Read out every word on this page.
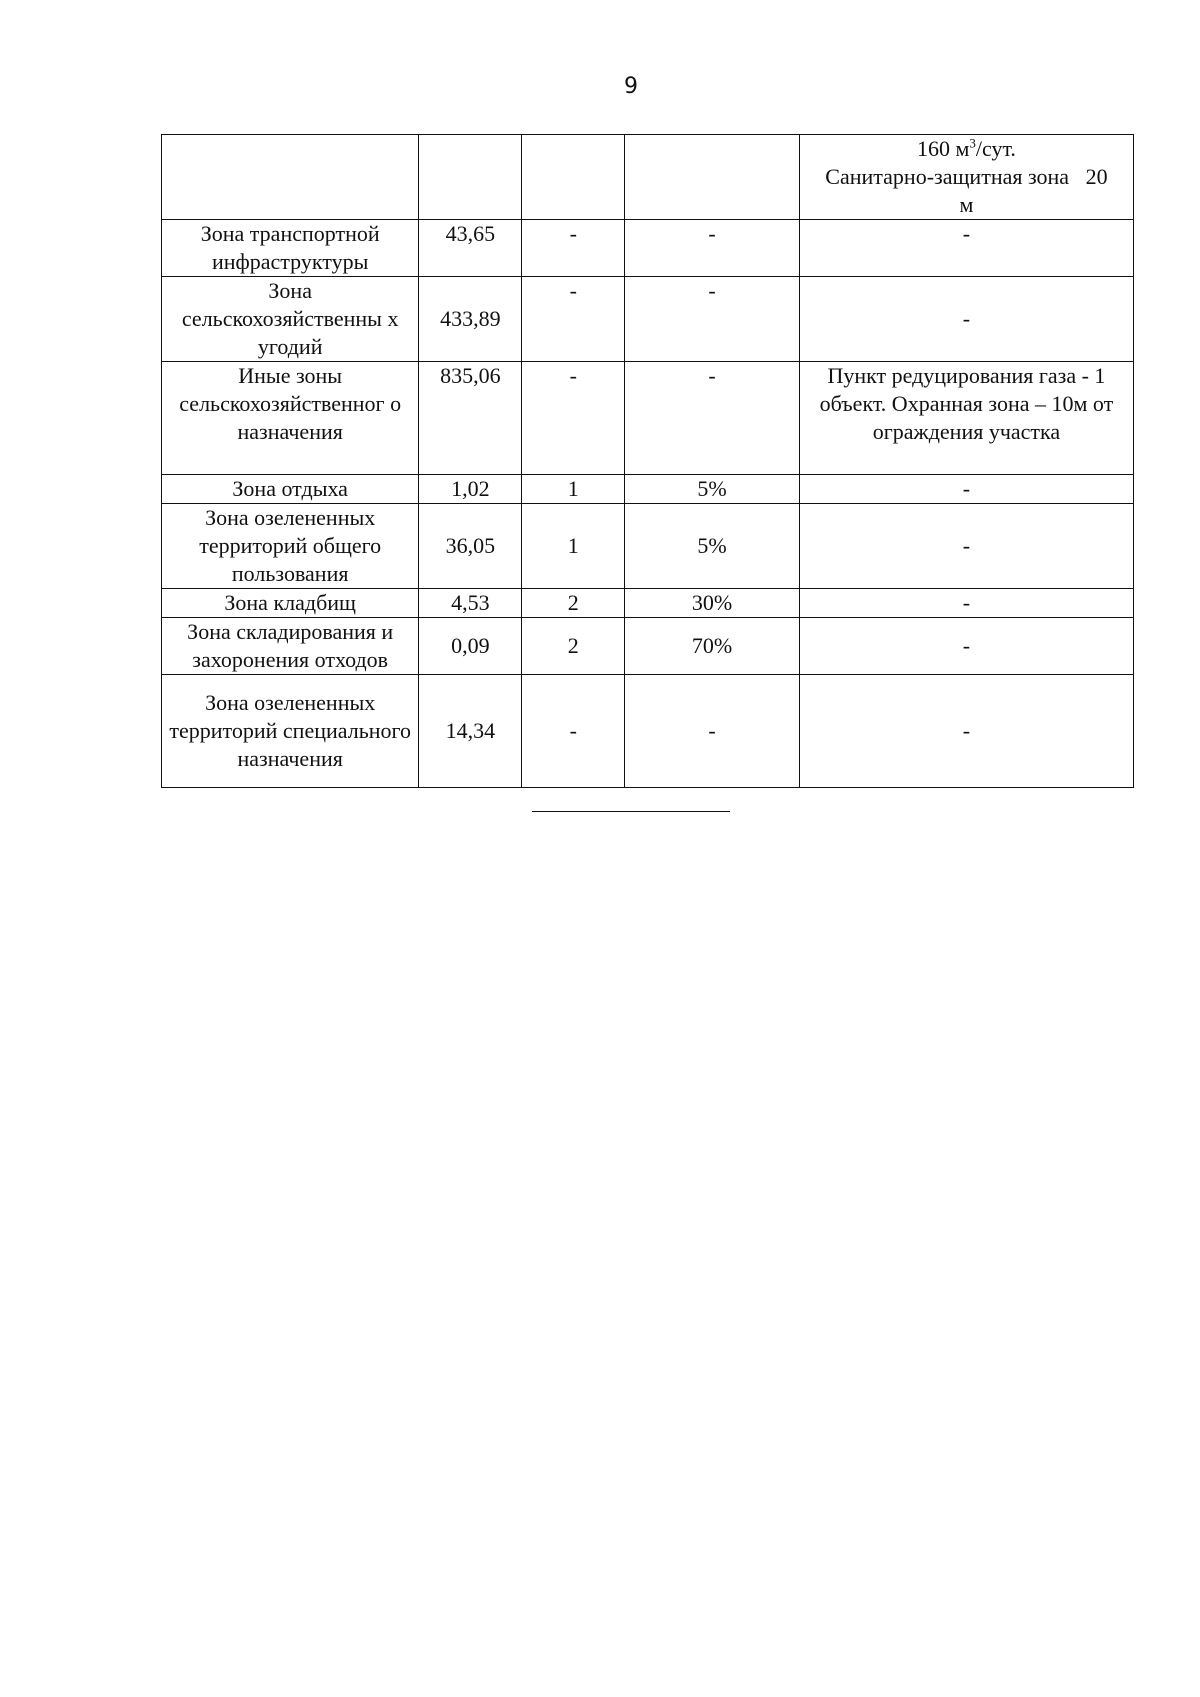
9

				160 $м^3$/сут.
Санитарно-защитная зона   20
м

Зона транспортной инфраструктуры	43,65	-	-	-
Зона сельскохозяйственны х угодий	433,89	-	-	-
Иные зоны сельскохозяйственног о назначения	835,06	-	-	Пункт редуцирования газа - 1 объект. Охранная зона – 10м от ограждения участка
Зона отдыха	1,02	1	5%	-
Зона озелененных территорий общего пользования	36,05	1	5%	-
Зона кладбищ	4,53	2	30%	-
Зона складирования и захоронения отходов	0,09	2	70%	-
Зона озелененных территорий специального назначения	14,34	-	-	-
